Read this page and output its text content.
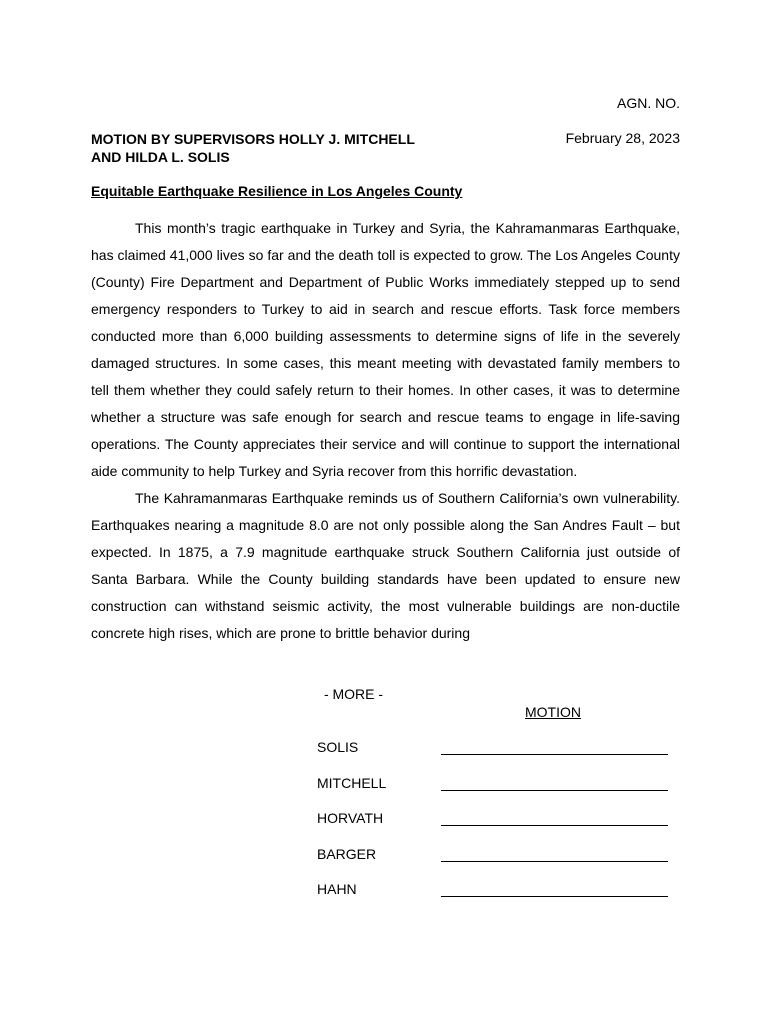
AGN. NO.
MOTION BY SUPERVISORS HOLLY J. MITCHELL
AND HILDA L. SOLIS
February 28, 2023
Equitable Earthquake Resilience in Los Angeles County

This month’s tragic earthquake in Turkey and Syria, the Kahramanmaras Earthquake, has claimed 41,000 lives so far and the death toll is expected to grow. The Los Angeles County (County) Fire Department and Department of Public Works immediately stepped up to send emergency responders to Turkey to aid in search and rescue efforts. Task force members conducted more than 6,000 building assessments to determine signs of life in the severely damaged structures. In some cases, this meant meeting with devastated family members to tell them whether they could safely return to their homes. In other cases, it was to determine whether a structure was safe enough for search and rescue teams to engage in life-saving operations. The County appreciates their service and will continue to support the international aide community to help Turkey and Syria recover from this horrific devastation.

The Kahramanmaras Earthquake reminds us of Southern California’s own vulnerability. Earthquakes nearing a magnitude 8.0 are not only possible along the San Andres Fault – but expected. In 1875, a 7.9 magnitude earthquake struck Southern California just outside of Santa Barbara. While the County building standards have been updated to ensure new construction can withstand seismic activity, the most vulnerable buildings are non-ductile concrete high rises, which are prone to brittle behavior during

- MORE -
MOTION
SOLIS
MITCHELL
HORVATH
BARGER
HAHN
